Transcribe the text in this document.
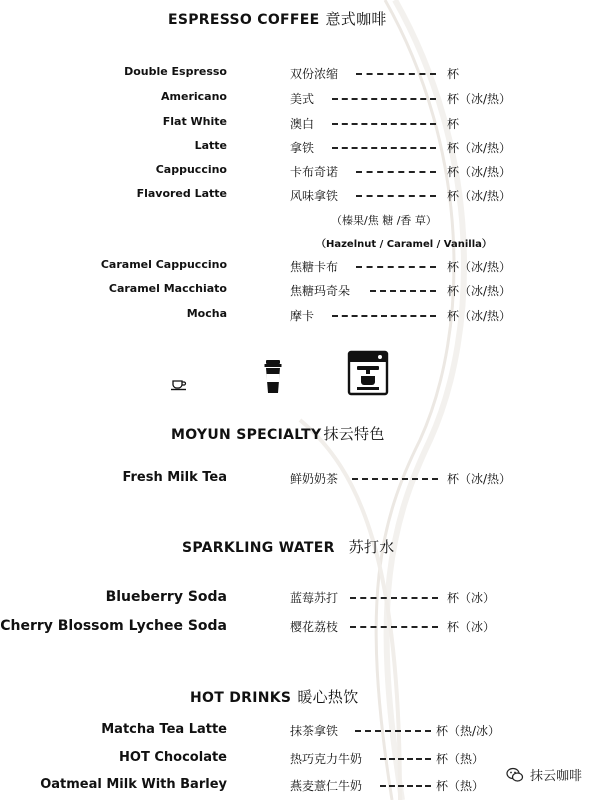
ESPRESSO COFFEE 意式咖啡
Double Espresso	双份浓缩	杯
Americano	美式	杯（冰/热）
Flat White	澳白	杯
Latte	拿铁	杯（冰/热）
Cappuccino	卡布奇诺	杯（冰/热）
Flavored Latte	风味拿铁	杯（冰/热）
（榛果/焦 糖 /香 草）
（Hazelnut / Caramel / Vanilla）
Caramel Cappuccino	焦糖卡布	杯（冰/热）
Caramel Macchiato	焦糖玛奇朵	杯（冰/热）
Mocha	摩卡	杯（冰/热）
MOYUN SPECIALTY 抹云特色
Fresh Milk Tea	鲜奶奶茶	杯（冰/热）
SPARKLING WATER 苏打水
Blueberry Soda	蓝莓苏打	杯（冰）
Cherry Blossom Lychee Soda	樱花荔枝	杯（冰）
HOT DRINKS 暖心热饮
Matcha Tea Latte	抹茶拿铁	杯（热/冰）
HOT Chocolate	热巧克力牛奶	杯（热）
Oatmeal Milk With Barley	燕麦薏仁牛奶	杯（热）
抹云咖啡
